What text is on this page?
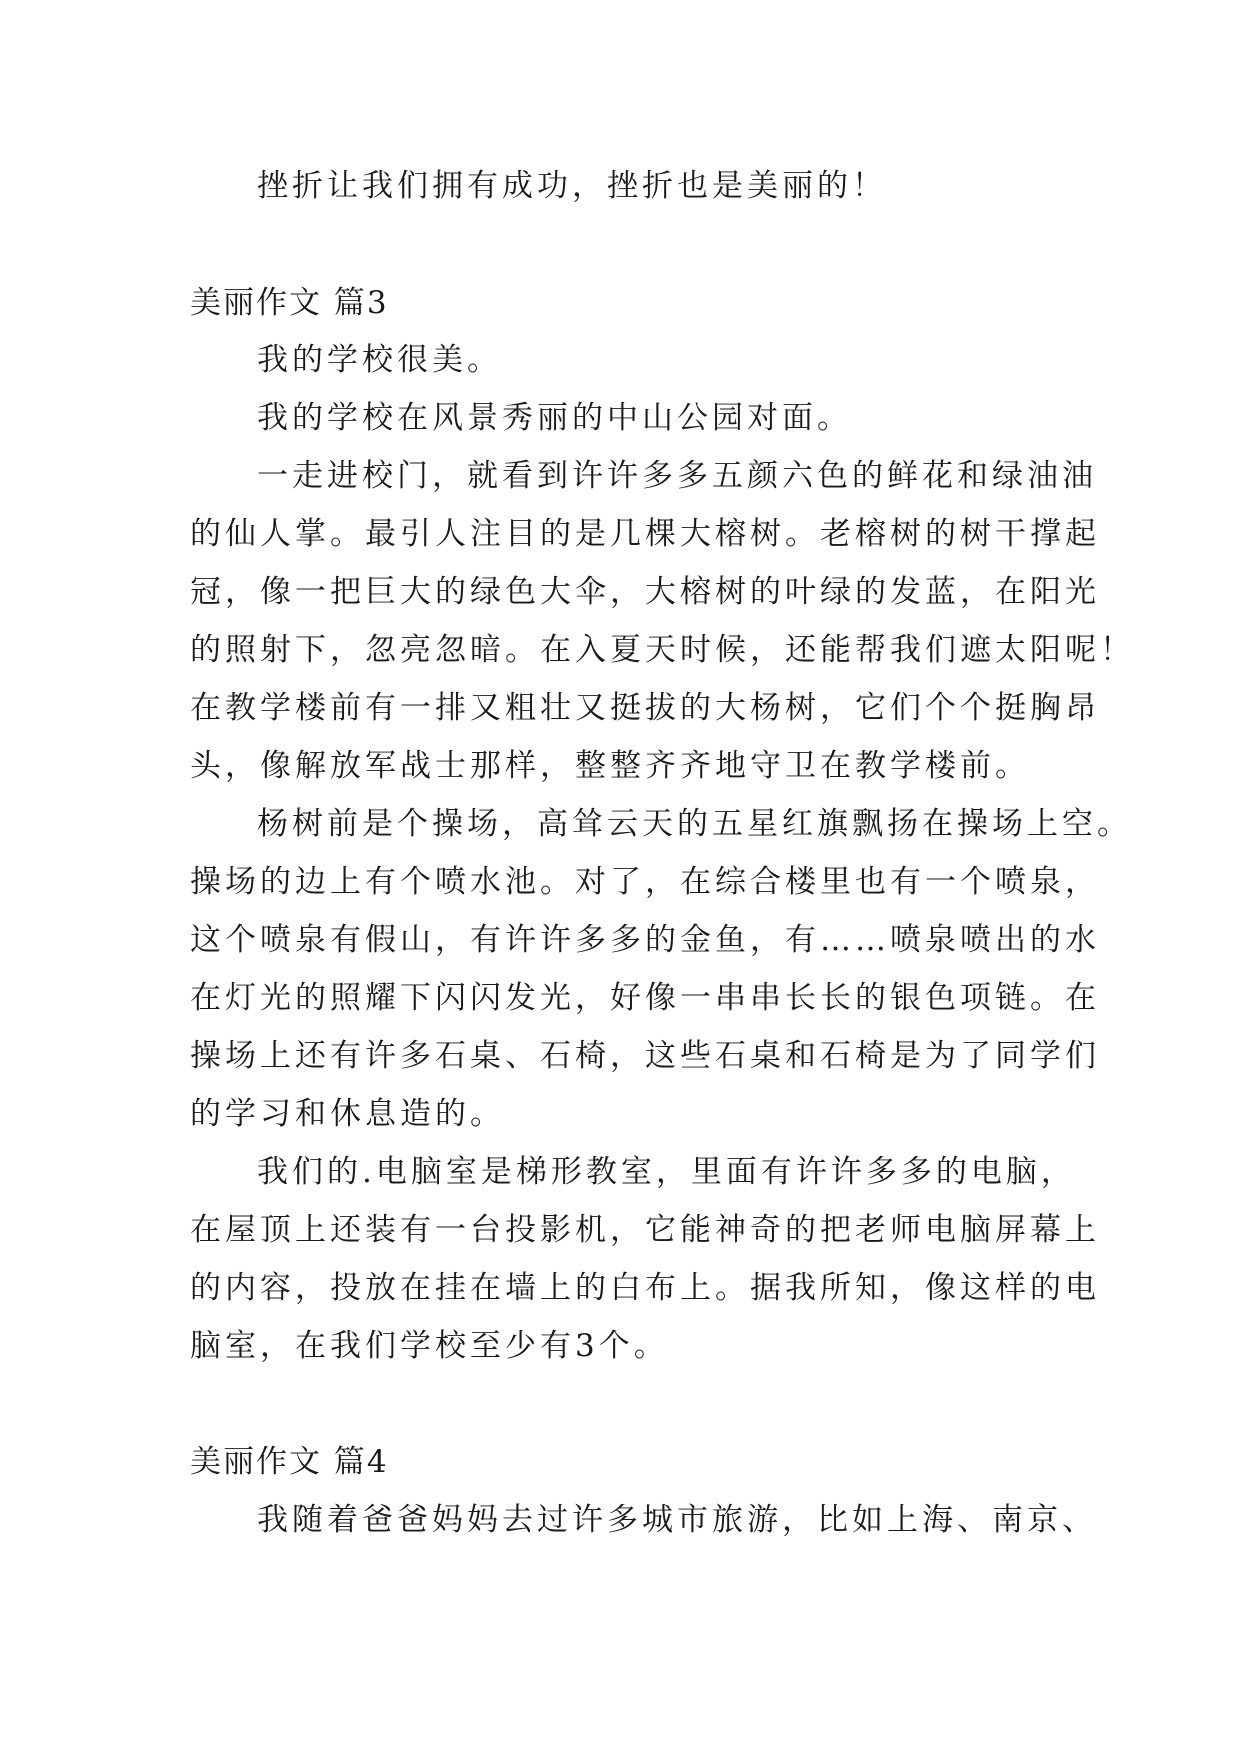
挫折让我们拥有成功，挫折也是美丽的！
美丽作文 篇3
我的学校很美。
我的学校在风景秀丽的中山公园对面。
一走进校门，就看到许许多多五颜六色的鲜花和绿油油
的仙人掌。最引人注目的是几棵大榕树。老榕树的树干撑起
冠，像一把巨大的绿色大伞，大榕树的叶绿的发蓝，在阳光
的照射下，忽亮忽暗。在入夏天时候，还能帮我们遮太阳呢！
在教学楼前有一排又粗壮又挺拔的大杨树，它们个个挺胸昂
头，像解放军战士那样，整整齐齐地守卫在教学楼前。
杨树前是个操场，高耸云天的五星红旗飘扬在操场上空。
操场的边上有个喷水池。对了，在综合楼里也有一个喷泉，
这个喷泉有假山，有许许多多的金鱼，有……喷泉喷出的水
在灯光的照耀下闪闪发光，好像一串串长长的银色项链。在
操场上还有许多石桌、石椅，这些石桌和石椅是为了同学们
的学习和休息造的。
我们的.电脑室是梯形教室，里面有许许多多的电脑，
在屋顶上还装有一台投影机，它能神奇的把老师电脑屏幕上
的内容，投放在挂在墙上的白布上。据我所知，像这样的电
脑室，在我们学校至少有3个。
美丽作文 篇4
我随着爸爸妈妈去过许多城市旅游，比如上海、南京、
